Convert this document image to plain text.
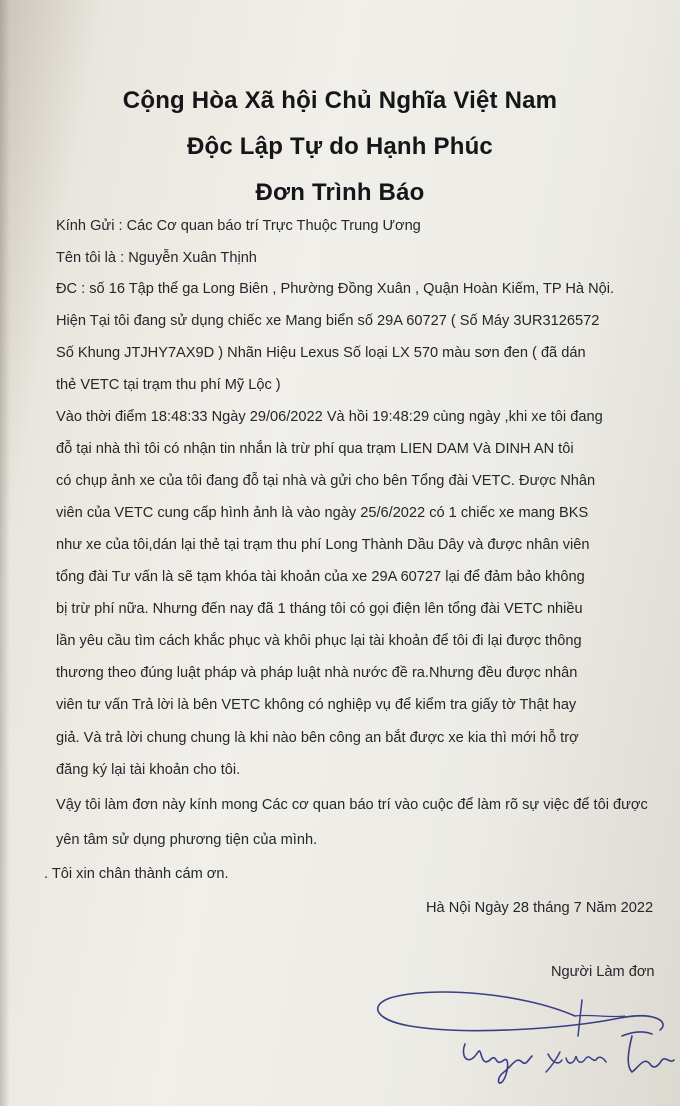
Cộng Hòa Xã hội Chủ Nghĩa Việt Nam
Độc Lập Tự do Hạnh Phúc
Đơn Trình Báo
Kính Gửi : Các Cơ quan báo trí Trực Thuộc Trung Ương
Tên tôi là : Nguyễn Xuân Thịnh
ĐC : số 16 Tập thể ga Long Biên , Phường Đồng Xuân , Quận Hoàn Kiếm, TP Hà Nội.
Hiện Tại tôi đang sử dụng chiếc xe Mang biển số 29A 60727 ( Số Máy 3UR3126572
Số Khung JTJHY7AX9D ) Nhãn Hiệu Lexus Số loại LX 570 màu sơn đen ( đã dán
thẻ VETC tại trạm thu phí Mỹ Lộc )
Vào thời điểm 18:48:33 Ngày 29/06/2022 Và hồi 19:48:29 cùng ngày ,khi xe tôi đang
đỗ tại nhà thì tôi có nhận tin nhắn là trừ phí qua trạm LIEN DAM Và DINH AN tôi
có chụp ảnh xe của tôi đang đỗ tại nhà và gửi cho bên Tổng đài VETC. Được Nhân
viên của VETC cung cấp hình ảnh là vào ngày 25/6/2022 có 1 chiếc xe mang BKS
như xe của tôi,dán lại thẻ tại trạm thu phí Long Thành Dầu Dây và được nhân viên
tổng đài Tư vấn là sẽ tạm khóa tài khoản của xe 29A 60727 lại để đảm bảo không
bị trừ phí nữa. Nhưng đến nay đã 1 tháng tôi có gọi điện lên tổng đài VETC nhiều
lần yêu cầu tìm cách khắc phục và khôi phục lại tài khoản để tôi đi lại được thông
thương theo đúng luật pháp và pháp luật nhà nước đề ra.Nhưng đều được nhân
viên tư vấn Trả lời là bên VETC không có nghiệp vụ để kiểm tra giấy tờ Thật hay
giả. Và trả lời chung chung là khi nào bên công an bắt được xe kia thì mới hỗ trợ
đăng ký lại tài khoản cho tôi.
Vậy tôi làm đơn này kính mong Các cơ quan báo trí vào cuộc để làm rõ sự việc để tôi được
yên tâm sử dụng phương tiện của mình.
. Tôi xin chân thành cám ơn.
Hà Nội Ngày 28 tháng 7 Năm 2022
Người Làm đơn
